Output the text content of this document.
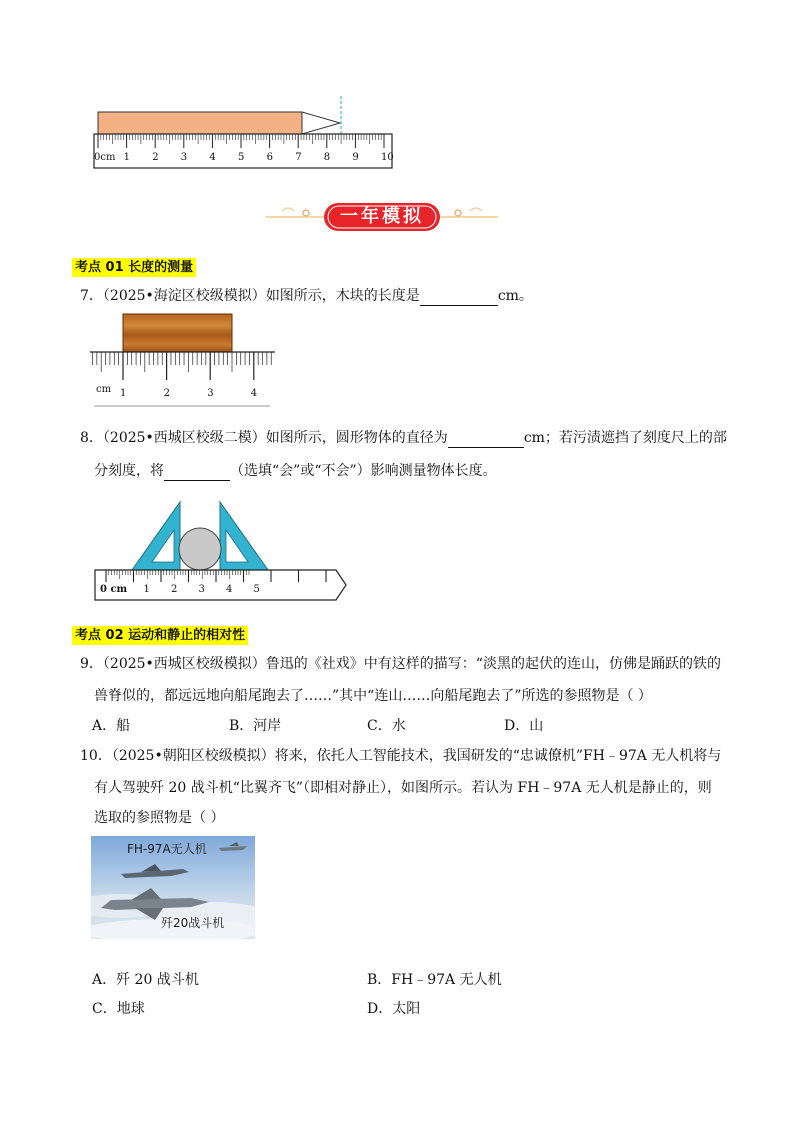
0cm 1 2 3 4 5 6 7 8 9 10
一年模拟
考点 01 长度的测量
7．（2025•海淀区校级模拟）如图所示，木块的长度是	cm。
cm 1	2	3	4
8．（2025•西城区校级二模）如图所示，圆形物体的直径为	cm；若污渍遮挡了刻度尺上的部
分刻度，将	（选填“会”或“不会”）影响测量物体长度。
0 cm 1 2 3 4 5
考点 02 运动和静止的相对性
9．（2025•西城区校级模拟）鲁迅的《社戏》中有这样的描写：“淡黑的起伏的连山，仿佛是踊跃的铁的
兽脊似的，都远远地向船尾跑去了……”其中“连山……向船尾跑去了”所选的参照物是（ ）
A．船	B．河岸	C．水	D．山
10．（2025•朝阳区校级模拟）将来，依托人工智能技术，我国研发的“忠诚僚机”FH﹣97A 无人机将与
有人驾驶歼 20 战斗机“比翼齐飞”（即相对静止），如图所示。若认为 FH﹣97A 无人机是静止的，则
选取的参照物是（ ）
FH-97A无人机
歼20战斗机
A．歼 20 战斗机	B．FH﹣97A 无人机
C．地球	D．太阳
